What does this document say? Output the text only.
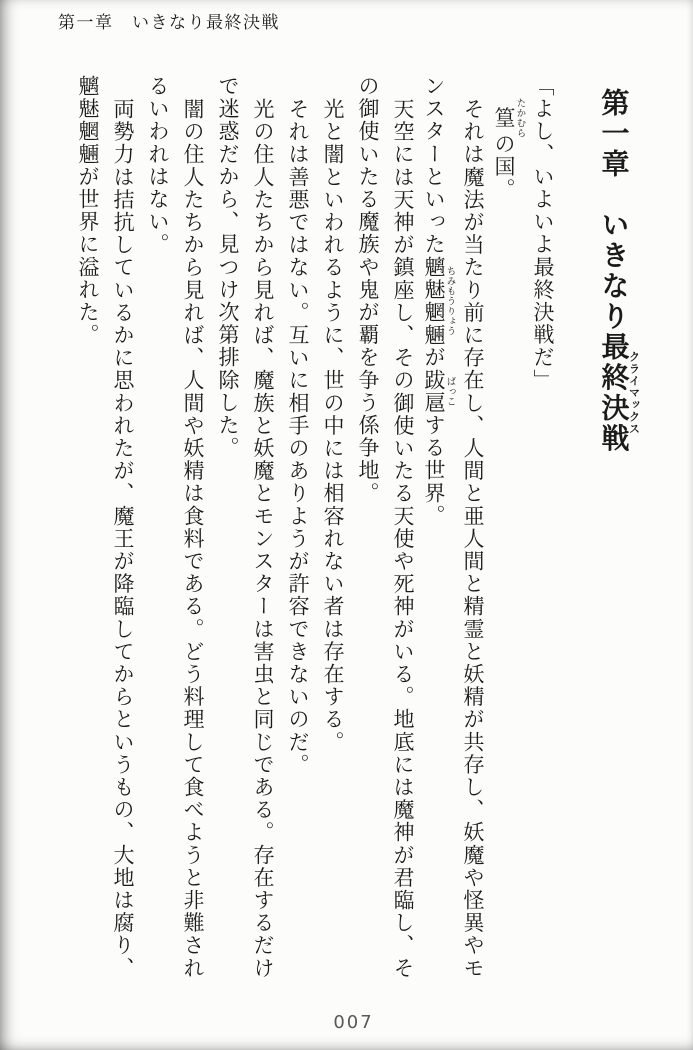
第一章　いきなり最終決戦
第一章　いきなり最終決戦クライマックス
「よし、いよいよ最終決戦だ」
篁たかむらの国。
それは魔法が当たり前に存在し、人間と亜人間と精霊と妖精が共存し、妖魔や怪異やモ
ンスターといった魑魅魍魎ちみもうりょうが跋扈ばっこする世界。
天空には天神が鎮座し、その御使いたる天使や死神がいる。地底には魔神が君臨し、そ
の御使いたる魔族や鬼が覇を争う係争地。
光と闇といわれるように、世の中には相容れない者は存在する。
それは善悪ではない。互いに相手のありようが許容できないのだ。
光の住人たちから見れば、魔族と妖魔とモンスターは害虫と同じである。存在するだけ
で迷惑だから、見つけ次第排除した。
闇の住人たちから見れば、人間や妖精は食料である。どう料理して食べようと非難され
るいわれはない。
両勢力は拮抗しているかに思われたが、魔王が降臨してからというもの、大地は腐り、
魑魅魍魎が世界に溢れた。
007
